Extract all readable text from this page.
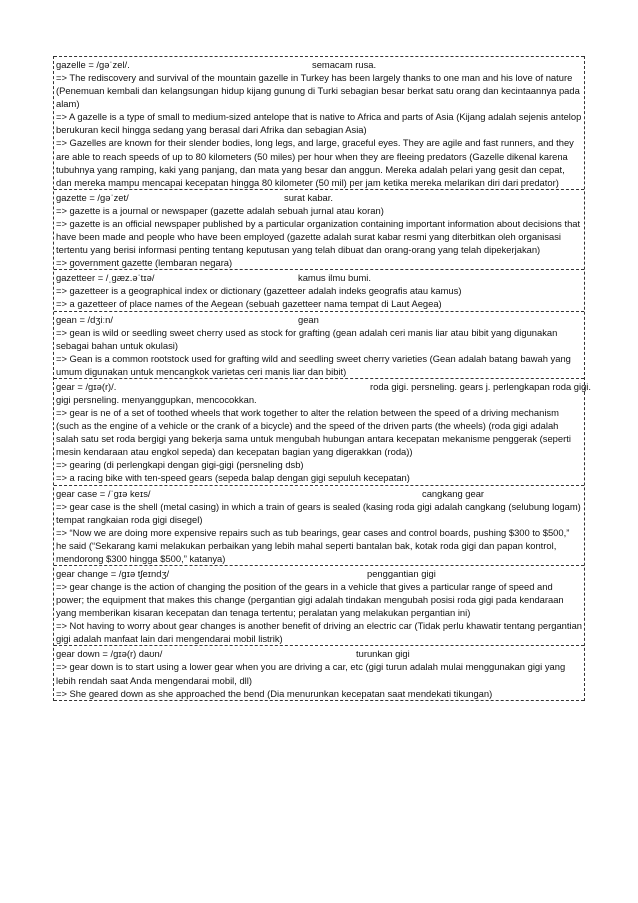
gazelle = /gəˈzel/.	semacam rusa.
=> The rediscovery and survival of the mountain gazelle in Turkey has been largely thanks to one man and his love of nature (Penemuan kembali dan kelangsungan hidup kijang gunung di Turki sebagian besar berkat satu orang dan kecintaannya pada alam)
=> A gazelle is a type of small to medium-sized antelope that is native to Africa and parts of Asia (Kijang adalah sejenis antelop berukuran kecil hingga sedang yang berasal dari Afrika dan sebagian Asia)
=> Gazelles are known for their slender bodies, long legs, and large, graceful eyes. They are agile and fast runners, and they are able to reach speeds of up to 80 kilometers (50 miles) per hour when they are fleeing predators (Gazelle dikenal karena tubuhnya yang ramping, kaki yang panjang, dan mata yang besar dan anggun. Mereka adalah pelari yang gesit dan cepat, dan mereka mampu mencapai kecepatan hingga 80 kilometer (50 mil) per jam ketika mereka melarikan diri dari predator)
gazette = /ɡəˈzet/	surat kabar.
=> gazette is a journal or newspaper (gazette adalah sebuah jurnal atau koran)
=> gazette is an official newspaper published by a particular organization containing important information about decisions that have been made and people who have been employed (gazette adalah surat kabar resmi yang diterbitkan oleh organisasi tertentu yang berisi informasi penting tentang keputusan yang telah dibuat dan orang-orang yang telah dipekerjakan)
=> government gazette (lembaran negara)
gazetteer = /ˌɡæz.əˈtɪə/	kamus ilmu bumi.
=> gazetteer is a geographical index or dictionary (gazetteer adalah indeks geografis atau kamus)
=> a gazetteer of place names of the Aegean (sebuah gazetteer nama tempat di Laut Aegea)
gean = /dʒiːn/	gean
=> gean is wild or seedling sweet cherry used as stock for grafting (gean adalah ceri manis liar atau bibit yang digunakan sebagai bahan untuk okulasi)
=> Gean is a common rootstock used for grafting wild and seedling sweet cherry varieties (Gean adalah batang bawah yang umum digunakan untuk mencangkok varietas ceri manis liar dan bibit)
gear = /ɡɪə(r)/.	roda gigi. persneling. gears j. perlengkapan roda gigi.
gigi persneling. menyanggupkan, mencocokkan.
=> gear is ne of a set of toothed wheels that work together to alter the relation between the speed of a driving mechanism (such as the engine of a vehicle or the crank of a bicycle) and the speed of the driven parts (the wheels) (roda gigi adalah salah satu set roda bergigi yang bekerja sama untuk mengubah hubungan antara kecepatan mekanisme penggerak (seperti mesin kendaraan atau engkol sepeda) dan kecepatan bagian yang digerakkan (roda))
=> gearing (di perlengkapi dengan gigi-gigi (persneling dsb)
=> a racing bike with ten-speed gears (sepeda balap dengan gigi sepuluh kecepatan)
gear case = /ˈɡɪə keɪs/	cangkang gear
=> gear case is the shell (metal casing) in which a train of gears is sealed (kasing roda gigi adalah cangkang (selubung logam) tempat rangkaian roda gigi disegel)
=> “Now we are doing more expensive repairs such as tub bearings, gear cases and control boards, pushing $300 to $500,” he said (“Sekarang kami melakukan perbaikan yang lebih mahal seperti bantalan bak, kotak roda gigi dan papan kontrol, mendorong $300 hingga $500,” katanya)
gear change = /ɡɪə tʃeɪndʒ/	penggantian gigi
=> gear change is the action of changing the position of the gears in a vehicle that gives a particular range of speed and power; the equipment that makes this change (pergantian gigi adalah tindakan mengubah posisi roda gigi pada kendaraan yang memberikan kisaran kecepatan dan tenaga tertentu; peralatan yang melakukan pergantian ini)
=> Not having to worry about gear changes is another benefit of driving an electric car (Tidak perlu khawatir tentang pergantian gigi adalah manfaat lain dari mengendarai mobil listrik)
gear down = /ɡɪə(r) daʊn/	turunkan gigi
=> gear down is to start using a lower gear when you are driving a car, etc (gigi turun adalah mulai menggunakan gigi yang lebih rendah saat Anda mengendarai mobil, dll)
=> She geared down as she approached the bend (Dia menurunkan kecepatan saat mendekati tikungan)
